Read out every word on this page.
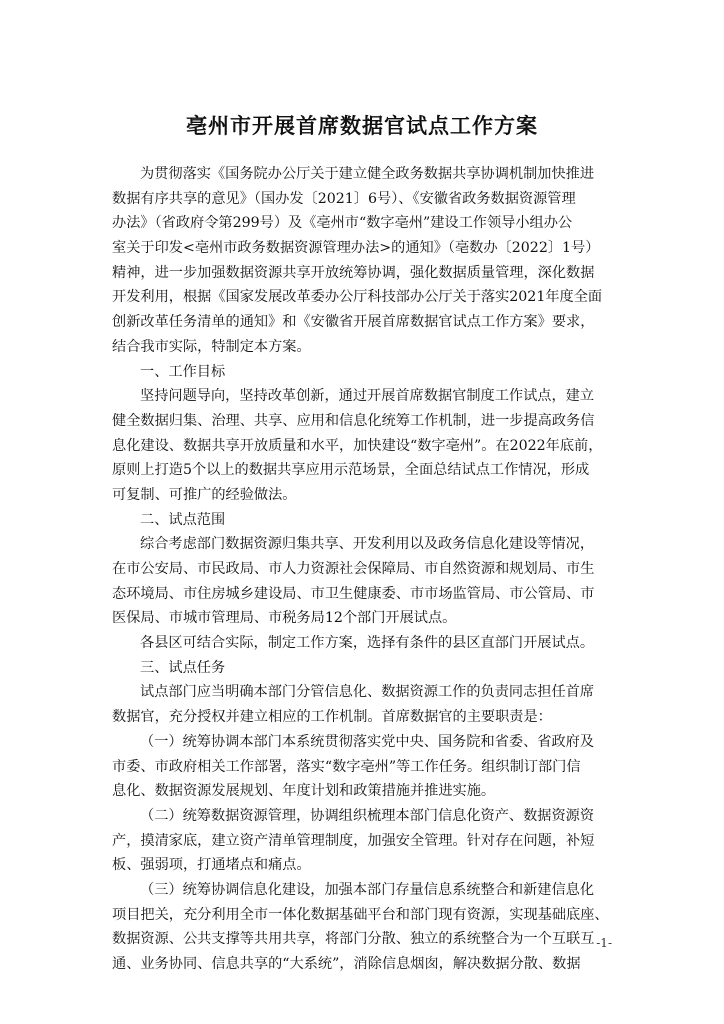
亳州市开展首席数据官试点工作方案
为贯彻落实《国务院办公厅关于建立健全政务数据共享协调机制加快推进
数据有序共享的意见》（国办发〔2021〕6号）、《安徽省政务数据资源管理
办法》（省政府令第299号）及《亳州市“数字亳州”建设工作领导小组办公
室关于印发<亳州市政务数据资源管理办法>的通知》（亳数办〔2022〕1号）
精神，进一步加强数据资源共享开放统筹协调，强化数据质量管理，深化数据
开发利用，根据《国家发展改革委办公厅科技部办公厅关于落实2021年度全面
创新改革任务清单的通知》和《安徽省开展首席数据官试点工作方案》要求，
结合我市实际，特制定本方案。
一、工作目标
坚持问题导向，坚持改革创新，通过开展首席数据官制度工作试点，建立
健全数据归集、治理、共享、应用和信息化统筹工作机制，进一步提高政务信
息化建设、数据共享开放质量和水平，加快建设“数字亳州”。在2022年底前，
原则上打造5个以上的数据共享应用示范场景，全面总结试点工作情况，形成
可复制、可推广的经验做法。
二、试点范围
综合考虑部门数据资源归集共享、开发利用以及政务信息化建设等情况，
在市公安局、市民政局、市人力资源社会保障局、市自然资源和规划局、市生
态环境局、市住房城乡建设局、市卫生健康委、市市场监管局、市公管局、市
医保局、市城市管理局、市税务局12个部门开展试点。
各县区可结合实际，制定工作方案，选择有条件的县区直部门开展试点。
三、试点任务
试点部门应当明确本部门分管信息化、数据资源工作的负责同志担任首席
数据官，充分授权并建立相应的工作机制。首席数据官的主要职责是：
（一）统筹协调本部门本系统贯彻落实党中央、国务院和省委、省政府及
市委、市政府相关工作部署，落实“数字亳州”等工作任务。组织制订部门信
息化、数据资源发展规划、年度计划和政策措施并推进实施。
（二）统筹数据资源管理，协调组织梳理本部门信息化资产、数据资源资
产，摸清家底，建立资产清单管理制度，加强安全管理。针对存在问题，补短
板、强弱项，打通堵点和痛点。
（三）统筹协调信息化建设，加强本部门存量信息系统整合和新建信息化
项目把关，充分利用全市一体化数据基础平台和部门现有资源，实现基础底座、
数据资源、公共支撑等共用共享，将部门分散、独立的系统整合为一个互联互
通、业务协同、信息共享的“大系统”，消除信息烟囱，解决数据分散、数据
-1-
